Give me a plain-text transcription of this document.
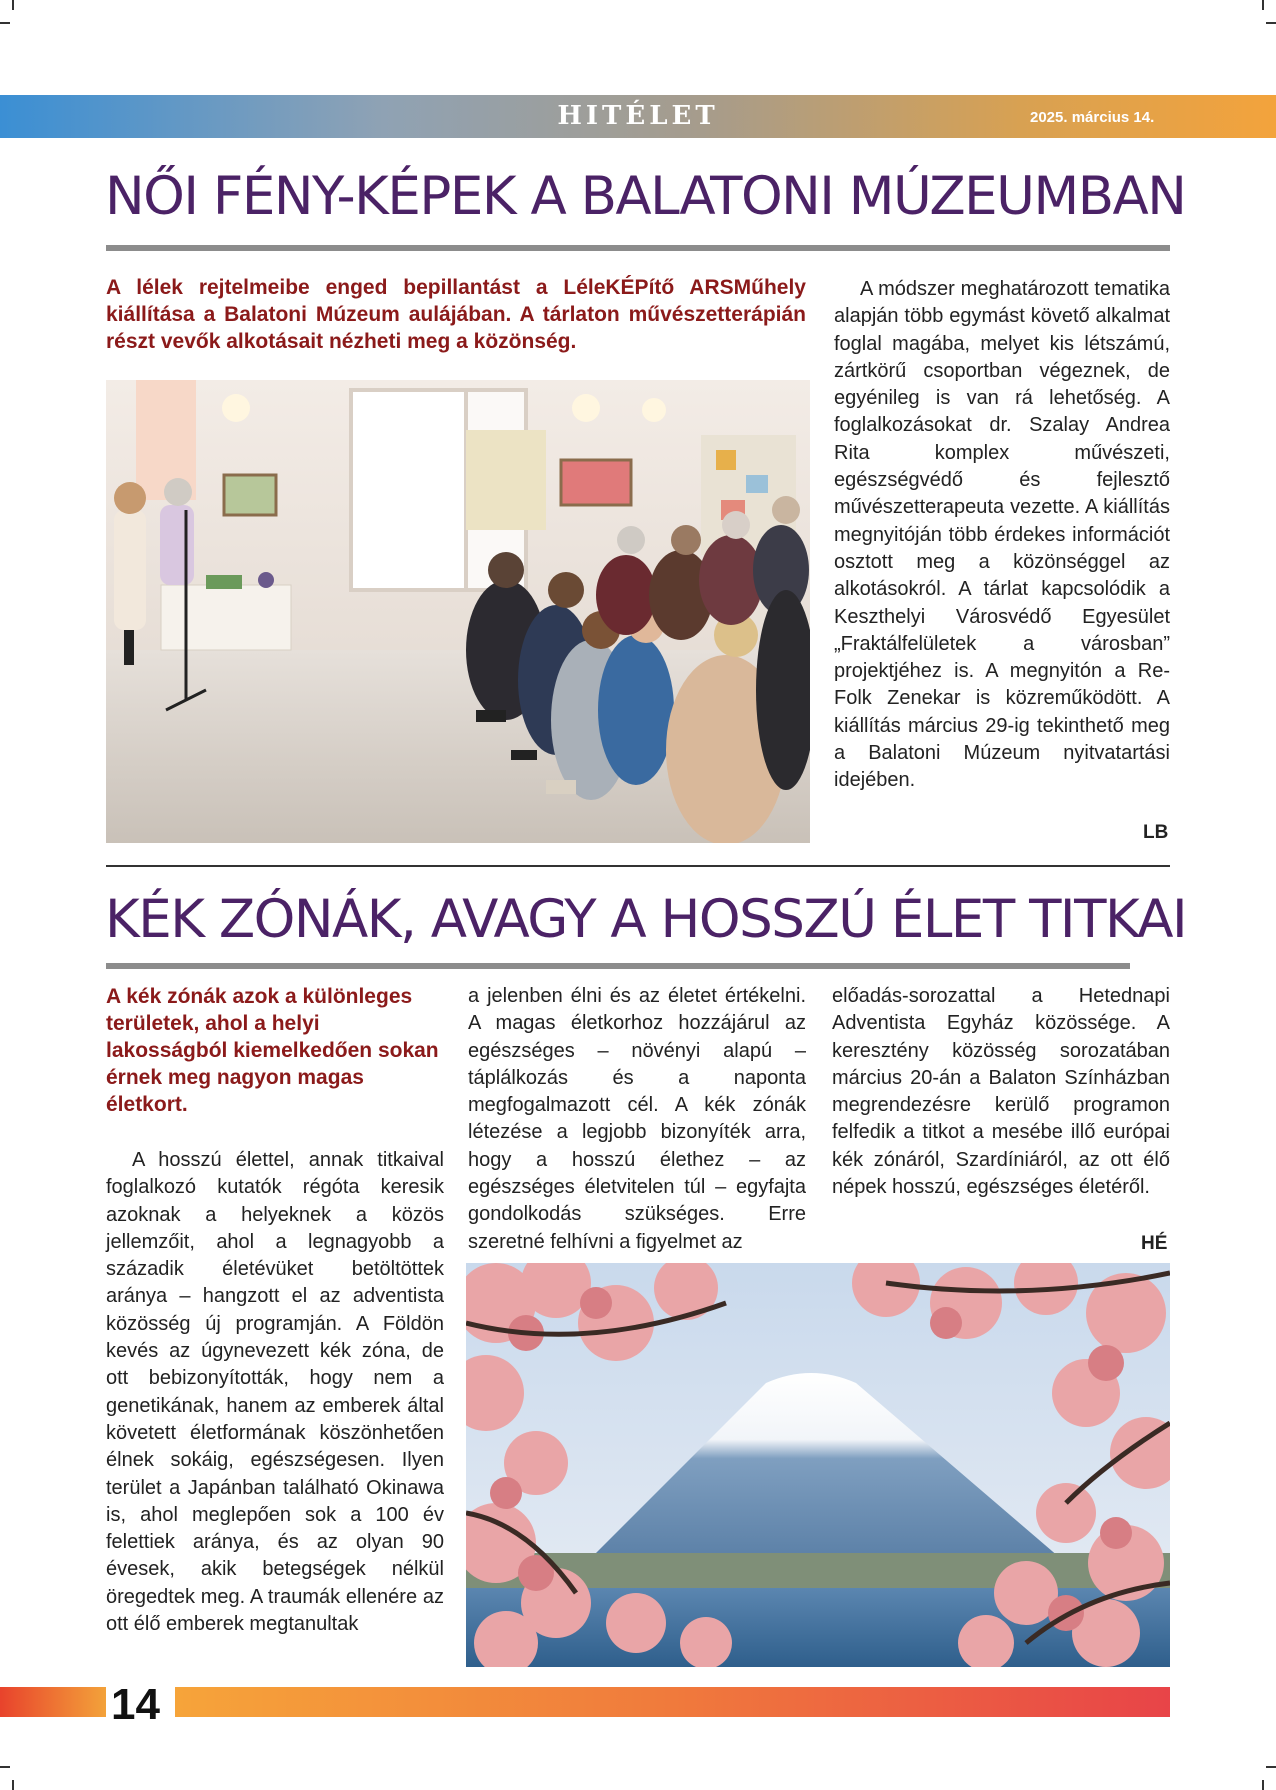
HITÉLET	2025. március 14.
NŐI FÉNY-KÉPEK A BALATONI MÚZEUMBAN

A lélek rejtelmeibe enged bepillantást a LéleKÉPítő ARSMűhely kiállítása a Balatoni Múzeum aulájában. A tárlaton művészetterápián részt vevők alkotásait nézheti meg a közönség.

A módszer meghatározott tematika alapján több egymást követő alkalmat foglal magába, melyet kis létszámú, zártkörű csoportban végeznek, de egyénileg is van rá lehetőség. A foglalkozásokat dr. Szalay Andrea Rita komplex művészeti, egészségvédő és fejlesztő művészetterapeuta vezette. A kiállítás megnyitóján több érdekes információt osztott meg a közönséggel az alkotásokról. A tárlat kapcsolódik a Keszthelyi Városvédő Egyesület „Fraktálfelületek a városban” projektjéhez is. A megnyitón a Re-Folk Zenekar is közreműködött. A kiállítás március 29-ig tekinthető meg a Balatoni Múzeum nyitvatartási idejében.

LB
KÉK ZÓNÁK, AVAGY A HOSSZÚ ÉLET TITKAI

A kék zónák azok a különleges területek, ahol a helyi lakosságból kiemelkedően sokan érnek meg nagyon magas életkort.

A hosszú élettel, annak titkaival foglalkozó kutatók régóta keresik azoknak a helyeknek a közös jellemzőit, ahol a legnagyobb a századik életévüket betöltöttek aránya – hangzott el az adventista közösség új programján. A Földön kevés az úgynevezett kék zóna, de ott bebizonyították, hogy nem a genetikának, hanem az emberek által követett életformának köszönhetően élnek sokáig, egészségesen. Ilyen terület a Japánban található Okinawa is, ahol meglepően sok a 100 év felettiek aránya, és az olyan 90 évesek, akik betegségek nélkül öregedtek meg. A traumák ellenére az ott élő emberek megtanultak

a jelenben élni és az életet értékelni. A magas életkorhoz hozzájárul az egészséges – növényi alapú – táplálkozás és a naponta megfogalmazott cél. A kék zónák létezése a legjobb bizonyíték arra, hogy a hosszú élethez – az egészséges életvitelen túl – egyfajta gondolkodás szükséges. Erre szeretné felhívni a figyelmet az

előadás-sorozattal a Hetednapi Adventista Egyház közössége. A keresztény közösség sorozatában március 20-án a Balaton Színházban megrendezésre kerülő programon felfedik a titkot a mesébe illő európai kék zónáról, Szardíniáról, az ott élő népek hosszú, egészséges életéről.

HÉ
14
